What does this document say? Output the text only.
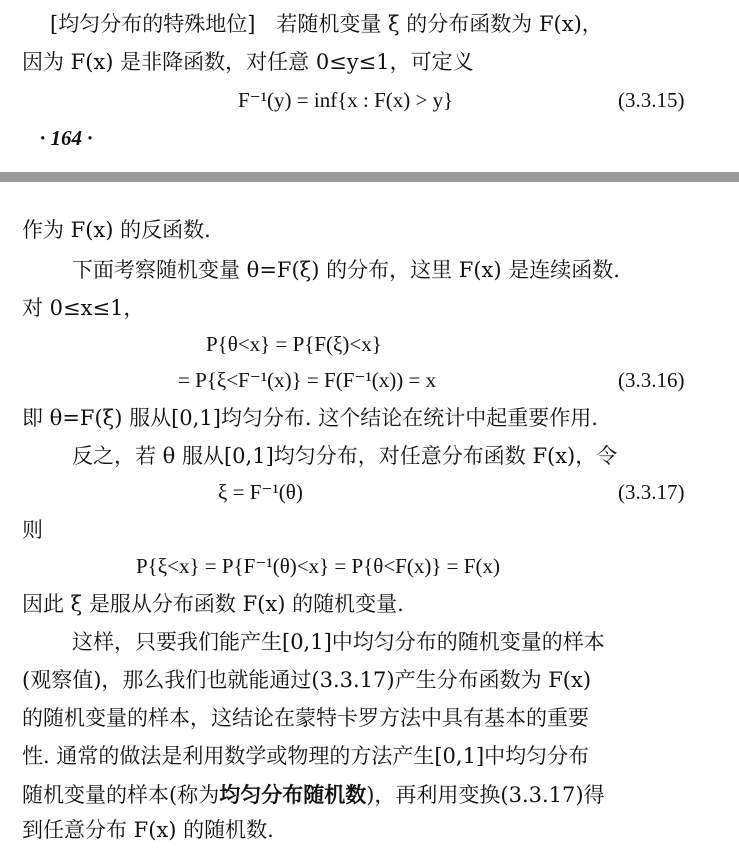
[均匀分布的特殊地位]　若随机变量 ξ 的分布函数为 F(x)，
因为 F(x) 是非降函数，对任意 0≤y≤1，可定义
F⁻¹(y) = inf{x : F(x) > y}	(3.3.15)
· 164 ·
作为 F(x) 的反函数.
下面考察随机变量 θ=F(ξ) 的分布，这里 F(x) 是连续函数.
对 0≤x≤1，
P{θ<x} = P{F(ξ)<x}
= P{ξ<F⁻¹(x)} = F(F⁻¹(x)) = x	(3.3.16)
即 θ=F(ξ) 服从[0,1]均匀分布. 这个结论在统计中起重要作用.
反之，若 θ 服从[0,1]均匀分布，对任意分布函数 F(x)，令
ξ = F⁻¹(θ)	(3.3.17)
则
P{ξ<x} = P{F⁻¹(θ)<x} = P{θ<F(x)} = F(x)
因此 ξ 是服从分布函数 F(x) 的随机变量.
这样，只要我们能产生[0,1]中均匀分布的随机变量的样本
(观察值)，那么我们也就能通过(3.3.17)产生分布函数为 F(x)
的随机变量的样本，这结论在蒙特卡罗方法中具有基本的重要
性. 通常的做法是利用数学或物理的方法产生[0,1]中均匀分布
随机变量的样本(称为均匀分布随机数)，再利用变换(3.3.17)得
到任意分布 F(x) 的随机数.
